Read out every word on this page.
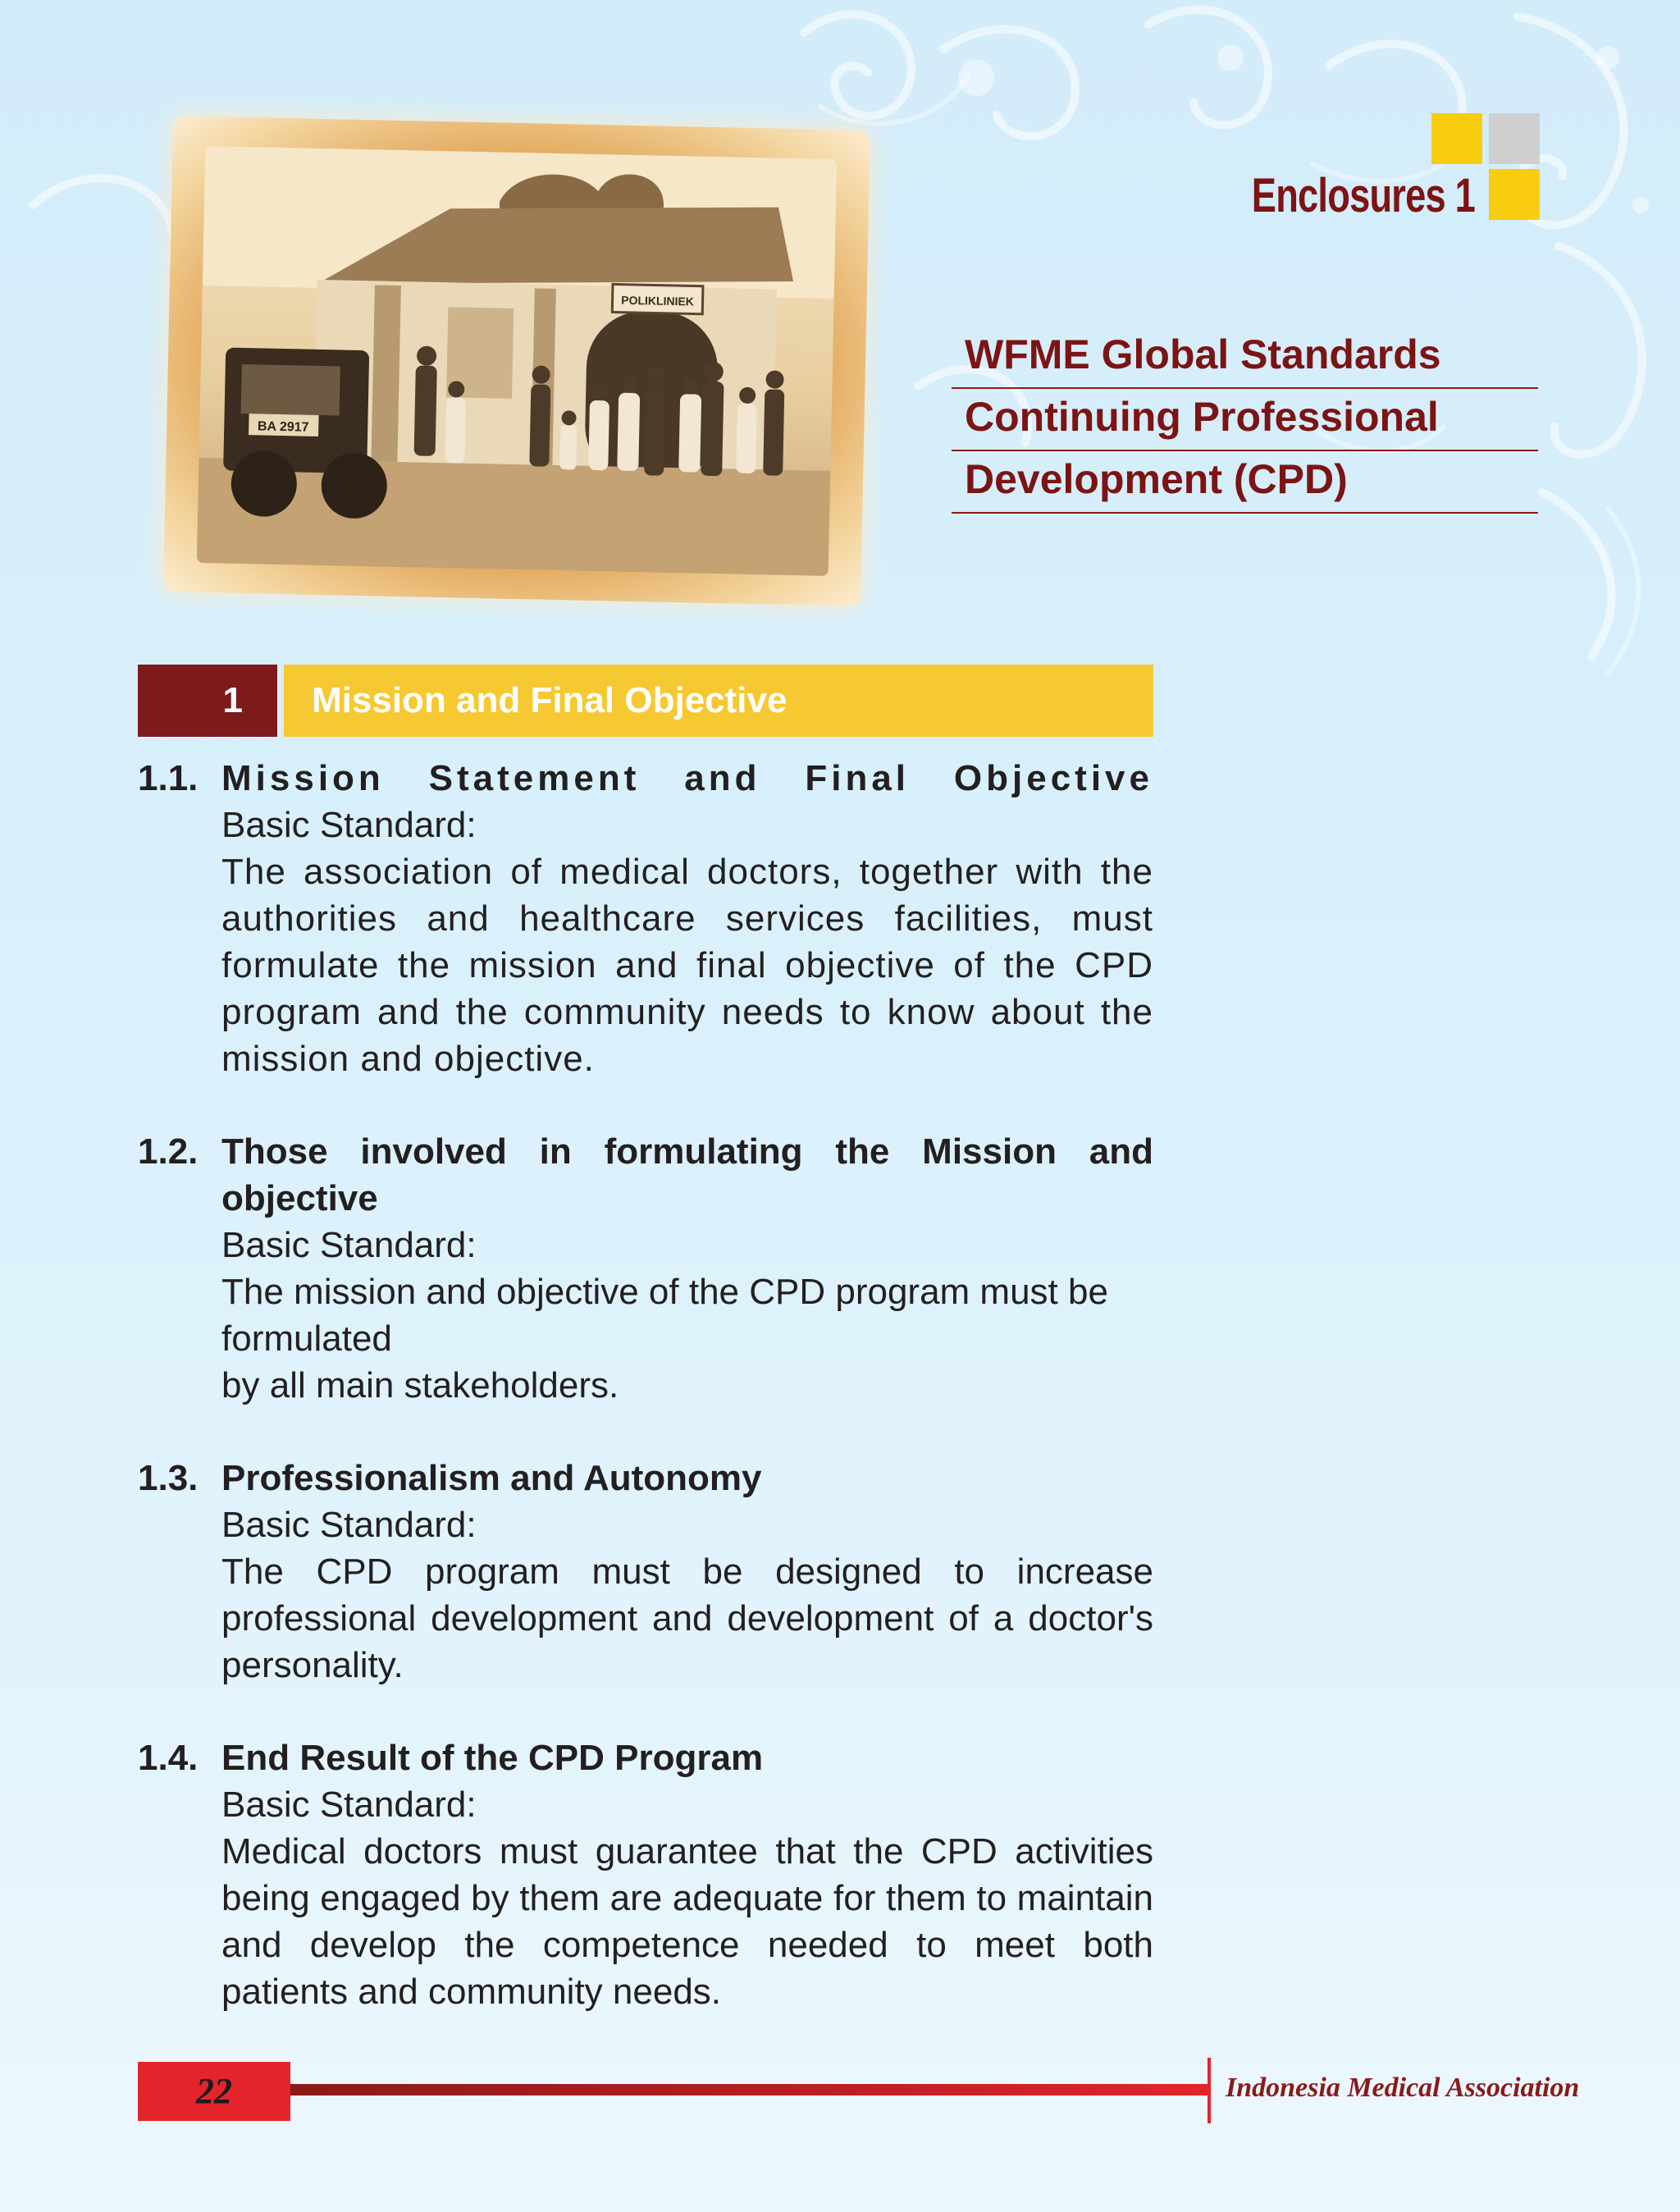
POLIKLINIEK
BA 2917
Enclosures 1
WFME Global Standards
Continuing Professional
Development (CPD)
1	Mission and Final Objective
1.1. Mission Statement and Final Objective
Basic Standard:
The association of medical doctors, together with the authorities and healthcare services facilities, must formulate the mission and final objective of the CPD program and the community needs to know about the mission and objective.
1.2. Those involved in formulating the Mission and objective
Basic Standard:
The mission and objective of the CPD program must be formulated
by all main stakeholders.
1.3. Professionalism and Autonomy
Basic Standard:
The CPD program must be designed to increase professional development and development of a doctor's personality.
1.4. End Result of the CPD Program
Basic Standard:
Medical doctors must guarantee that the CPD activities being engaged by them are adequate for them to maintain and develop the competence needed to meet both patients and community needs.
22	Indonesia Medical Association
